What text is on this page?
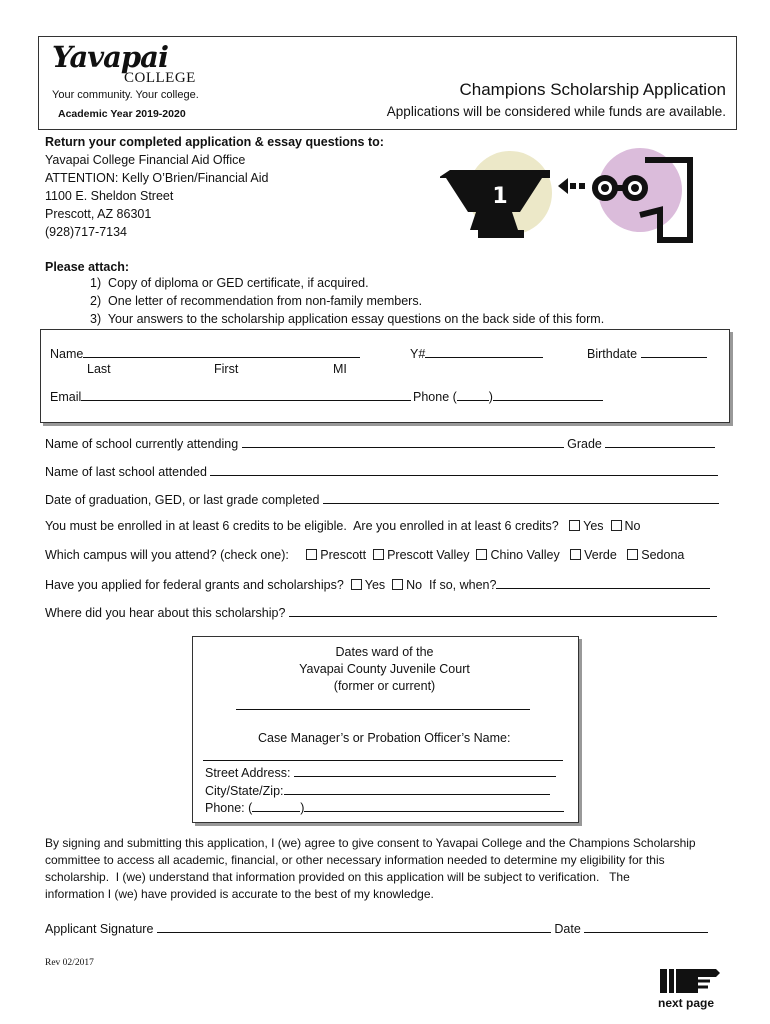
Yavapai
COLLEGE
Your community. Your college.
Academic Year 2019-2020
Champions Scholarship Application
Applications will be considered while funds are available.
Return your completed application & essay questions to:
Yavapai College Financial Aid Office
ATTENTION: Kelly O’Brien/Financial Aid
1100 E. Sheldon Street
Prescott, AZ 86301
(928)717-7134
1
Please attach:
1)  Copy of diploma or GED certificate, if acquired.
2)  One letter of recommendation from non-family members.
3)  Your answers to the scholarship application essay questions on the back side of this form.
Name	Y#	Birthdate
Last	First	MI
Email	Phone (	)
Name of school currently attending	Grade
Name of last school attended
Date of graduation, GED, or last grade completed
You must be enrolled in at least 6 credits to be eligible.  Are you enrolled in at least 6 credits? Yes No
Which campus will you attend? (check one):	Prescott Prescott Valley Chino Valley Verde Sedona
Have you applied for federal grants and scholarships? Yes No If so, when?
Where did you hear about this scholarship?
Dates ward of the
Yavapai County Juvenile Court
(former or current)
Case Manager’s or Probation Officer’s Name:
Street Address:
City/State/Zip:
Phone: (	)
By signing and submitting this application, I (we) agree to give consent to Yavapai College and the Champions Scholarship
committee to access all academic, financial, or other necessary information needed to determine my eligibility for this
scholarship.  I (we) understand that information provided on this application will be subject to verification.   The
information I (we) have provided is accurate to the best of my knowledge.
Applicant Signature	Date
Rev 02/2017
next page
